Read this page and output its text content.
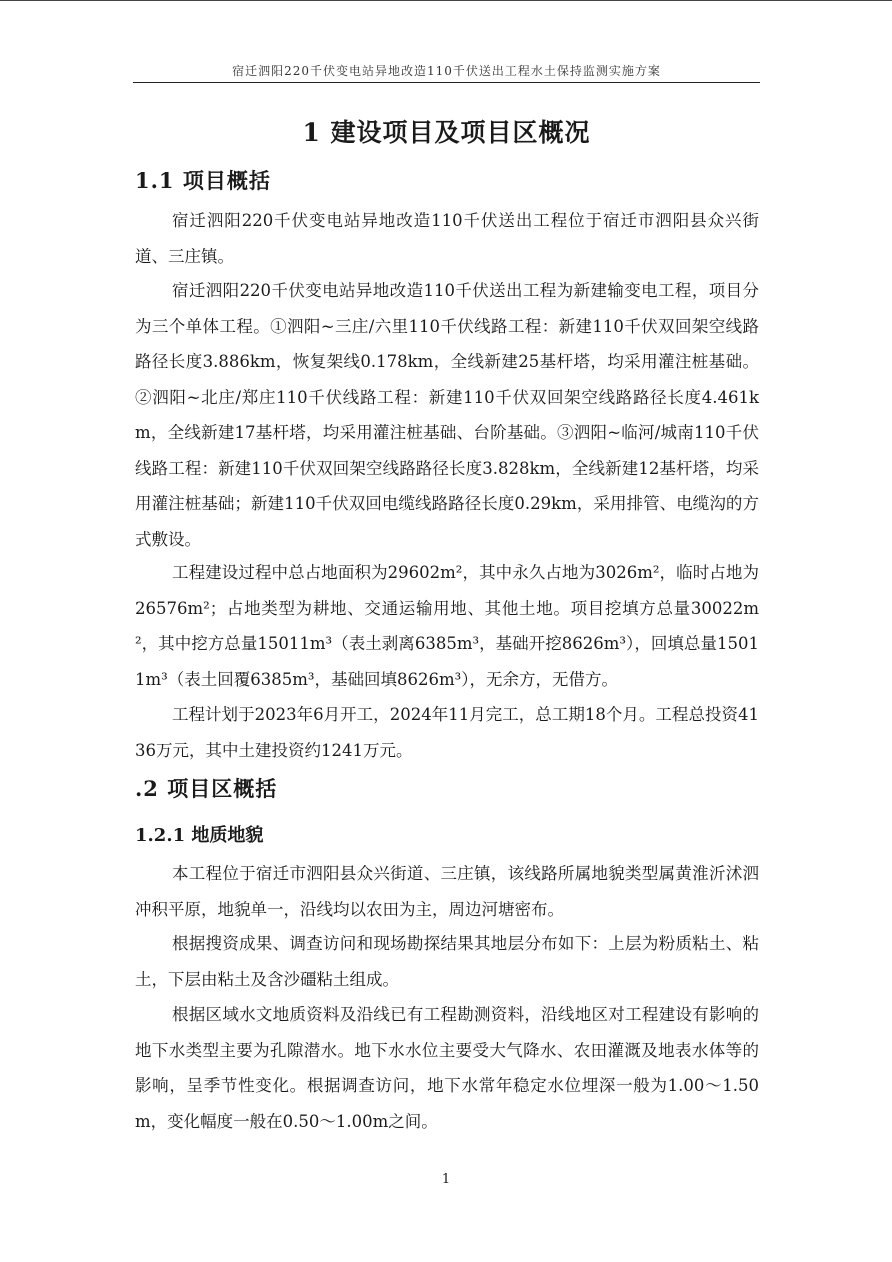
宿迁泗阳220千伏变电站异地改造110千伏送出工程水土保持监测实施方案
1 建设项目及项目区概况
1.1 项目概括

宿迁泗阳220千伏变电站异地改造110千伏送出工程位于宿迁市泗阳县众兴街道、三庄镇。

宿迁泗阳220千伏变电站异地改造110千伏送出工程为新建输变电工程，项目分为三个单体工程。①泗阳~三庄/六里110千伏线路工程：新建110千伏双回架空线路路径长度3.886km，恢复架线0.178km，全线新建25基杆塔，均采用灌注桩基础。②泗阳~北庄/郑庄110千伏线路工程：新建110千伏双回架空线路路径长度4.461km，全线新建17基杆塔，均采用灌注桩基础、台阶基础。③泗阳~临河/城南110千伏线路工程：新建110千伏双回架空线路路径长度3.828km，全线新建12基杆塔，均采用灌注桩基础；新建110千伏双回电缆线路路径长度0.29km，采用排管、电缆沟的方式敷设。

工程建设过程中总占地面积为29602m²，其中永久占地为3026m²，临时占地为26576m²；占地类型为耕地、交通运输用地、其他土地。项目挖填方总量30022m²，其中挖方总量15011m³（表土剥离6385m³，基础开挖8626m³），回填总量15011m³（表土回覆6385m³，基础回填8626m³），无余方，无借方。

工程计划于2023年6月开工，2024年11月完工，总工期18个月。工程总投资4136万元，其中土建投资约1241万元。

.2 项目区概括
1.2.1 地质地貌

本工程位于宿迁市泗阳县众兴街道、三庄镇，该线路所属地貌类型属黄淮沂沭泗冲积平原，地貌单一，沿线均以农田为主，周边河塘密布。

根据搜资成果、调查访问和现场勘探结果其地层分布如下：上层为粉质粘土、粘土，下层由粘土及含沙礓粘土组成。

根据区域水文地质资料及沿线已有工程勘测资料，沿线地区对工程建设有影响的地下水类型主要为孔隙潜水。地下水水位主要受大气降水、农田灌溉及地表水体等的影响，呈季节性变化。根据调查访问，地下水常年稳定水位埋深一般为1.00～1.50m，变化幅度一般在0.50～1.00m之间。

1
